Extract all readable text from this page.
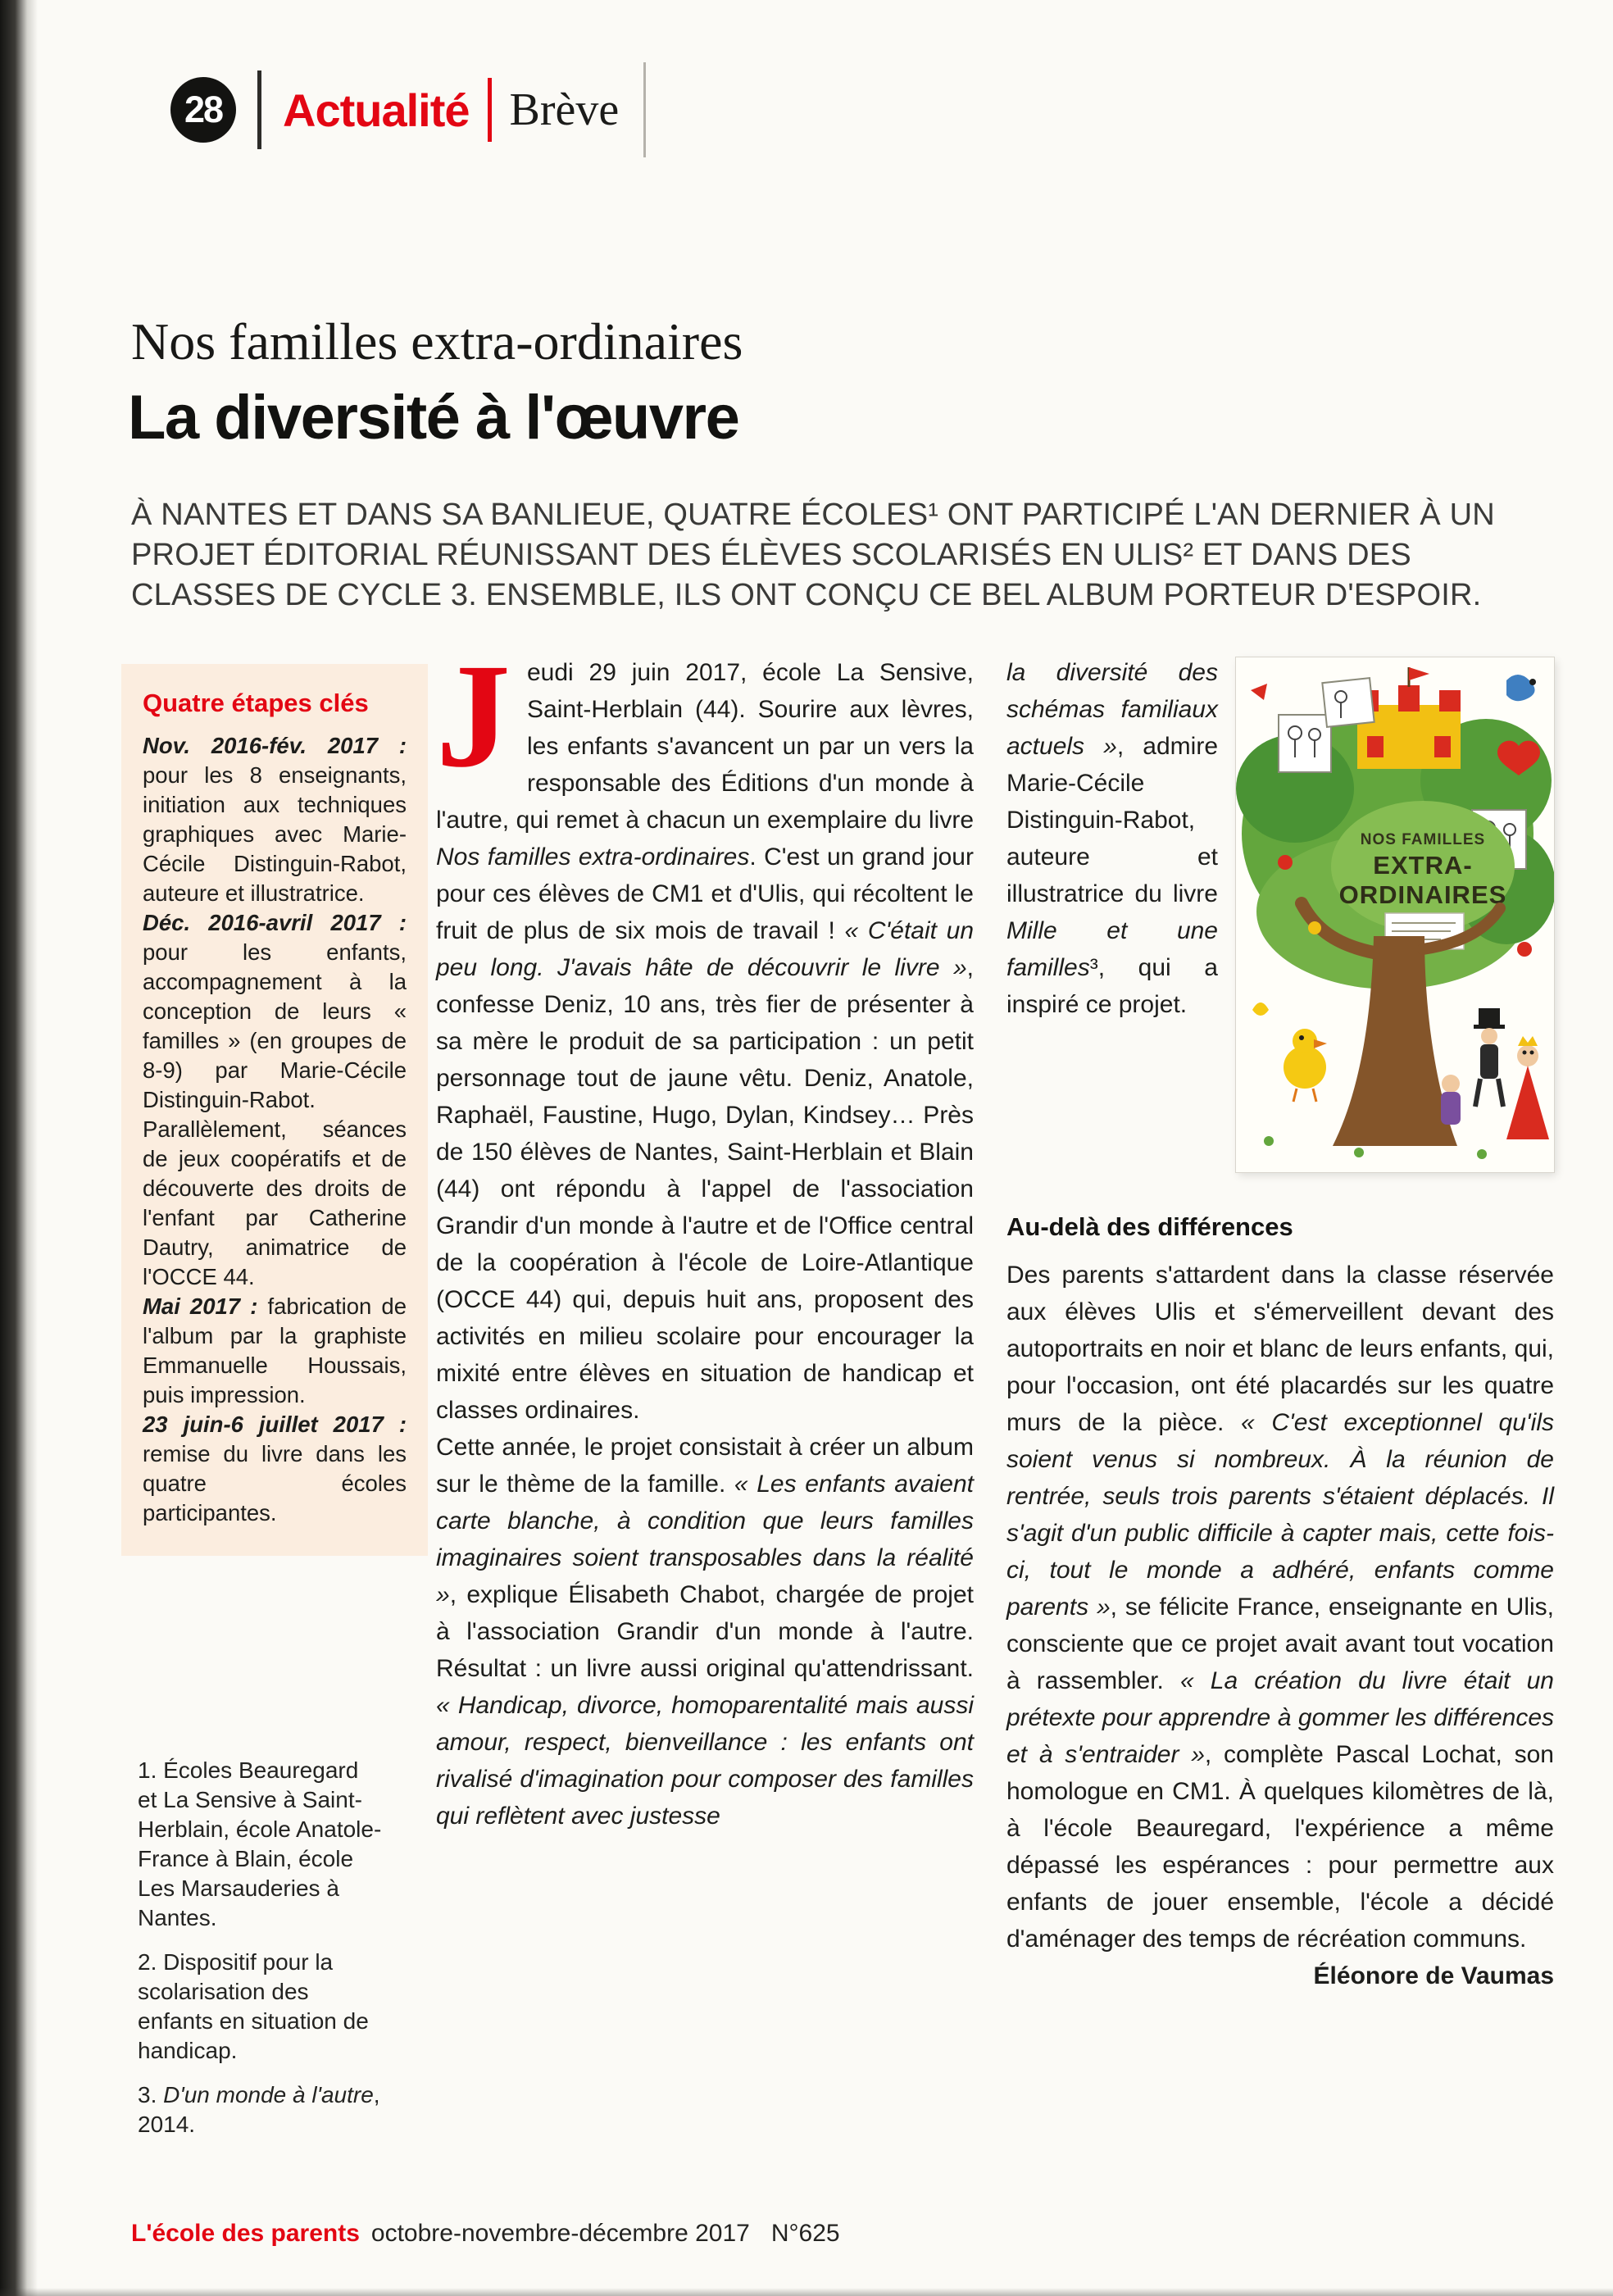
28	Actualité Brève
Nos familles extra-ordinaires
La diversité à l'œuvre

À NANTES ET DANS SA BANLIEUE, QUATRE ÉCOLES¹ ONT PARTICIPÉ L'AN DERNIER À UN PROJET ÉDITORIAL RÉUNISSANT DES ÉLÈVES SCOLARISÉS EN ULIS² ET DANS DES CLASSES DE CYCLE 3. ENSEMBLE, ILS ONT CONÇU CE BEL ALBUM PORTEUR D'ESPOIR.

Quatre étapes clés

Nov. 2016-fév. 2017 : pour les 8 enseignants, initiation aux techniques graphiques avec Marie-Cécile Distinguin-Rabot, auteure et illustratrice.

Déc. 2016-avril 2017 : pour les enfants, accompagnement à la conception de leurs « familles » (en groupes de 8-9) par Marie-Cécile Distinguin-Rabot. Parallèlement, séances de jeux coopératifs et de découverte des droits de l'enfant par Catherine Dautry, animatrice de l'OCCE 44.

Mai 2017 : fabrication de l'album par la graphiste Emmanuelle Houssais, puis impression.

23 juin-6 juillet 2017 : remise du livre dans les quatre écoles participantes.

1. Écoles Beauregard et La Sensive à Saint-Herblain, école Anatole-France à Blain, école Les Marsauderies à Nantes.

2. Dispositif pour la scolarisation des enfants en situation de handicap.

3. D'un monde à l'autre, 2014.

Jeudi 29 juin 2017, école La Sensive, Saint-Herblain (44). Sourire aux lèvres, les enfants s'avancent un par un vers la responsable des Éditions d'un monde à l'autre, qui remet à chacun un exemplaire du livre Nos familles extra-ordinaires. C'est un grand jour pour ces élèves de CM1 et d'Ulis, qui récoltent le fruit de plus de six mois de travail ! « C'était un peu long. J'avais hâte de découvrir le livre », confesse Deniz, 10 ans, très fier de présenter à sa mère le produit de sa participation : un petit personnage tout de jaune vêtu. Deniz, Anatole, Raphaël, Faustine, Hugo, Dylan, Kindsey… Près de 150 élèves de Nantes, Saint-Herblain et Blain (44) ont répondu à l'appel de l'association Grandir d'un monde à l'autre et de l'Office central de la coopération à l'école de Loire-Atlantique (OCCE 44) qui, depuis huit ans, proposent des activités en milieu scolaire pour encourager la mixité entre élèves en situation de handicap et classes ordinaires.

Cette année, le projet consistait à créer un album sur le thème de la famille. « Les enfants avaient carte blanche, à condition que leurs familles imaginaires soient transposables dans la réalité », explique Élisabeth Chabot, chargée de projet à l'association Grandir d'un monde à l'autre. Résultat : un livre aussi original qu'attendrissant. « Handicap, divorce, homoparentalité mais aussi amour, respect, bienveillance : les enfants ont rivalisé d'imagination pour composer des familles qui reflètent avec justesse

NOS FAMILLES
EXTRA-
ORDINAIRES

la diversité des schémas familiaux actuels », admire Marie-Cécile Distinguin-Rabot, auteure et illustratrice du livre Mille et une familles³, qui a inspiré ce projet.

Au-delà des différences

Des parents s'attardent dans la classe réservée aux élèves Ulis et s'émerveillent devant des autoportraits en noir et blanc de leurs enfants, qui, pour l'occasion, ont été placardés sur les quatre murs de la pièce. « C'est exceptionnel qu'ils soient venus si nombreux. À la réunion de rentrée, seuls trois parents s'étaient déplacés. Il s'agit d'un public difficile à capter mais, cette fois-ci, tout le monde a adhéré, enfants comme parents », se félicite France, enseignante en Ulis, consciente que ce projet avait avant tout vocation à rassembler. « La création du livre était un prétexte pour apprendre à gommer les différences et à s'entraider », complète Pascal Lochat, son homologue en CM1. À quelques kilomètres de là, à l'école Beauregard, l'expérience a même dépassé les espérances : pour permettre aux enfants de jouer ensemble, l'école a décidé d'aménager des temps de récréation communs.
Éléonore de Vaumas

L'école des parents octobre-novembre-décembre 2017 N°625
